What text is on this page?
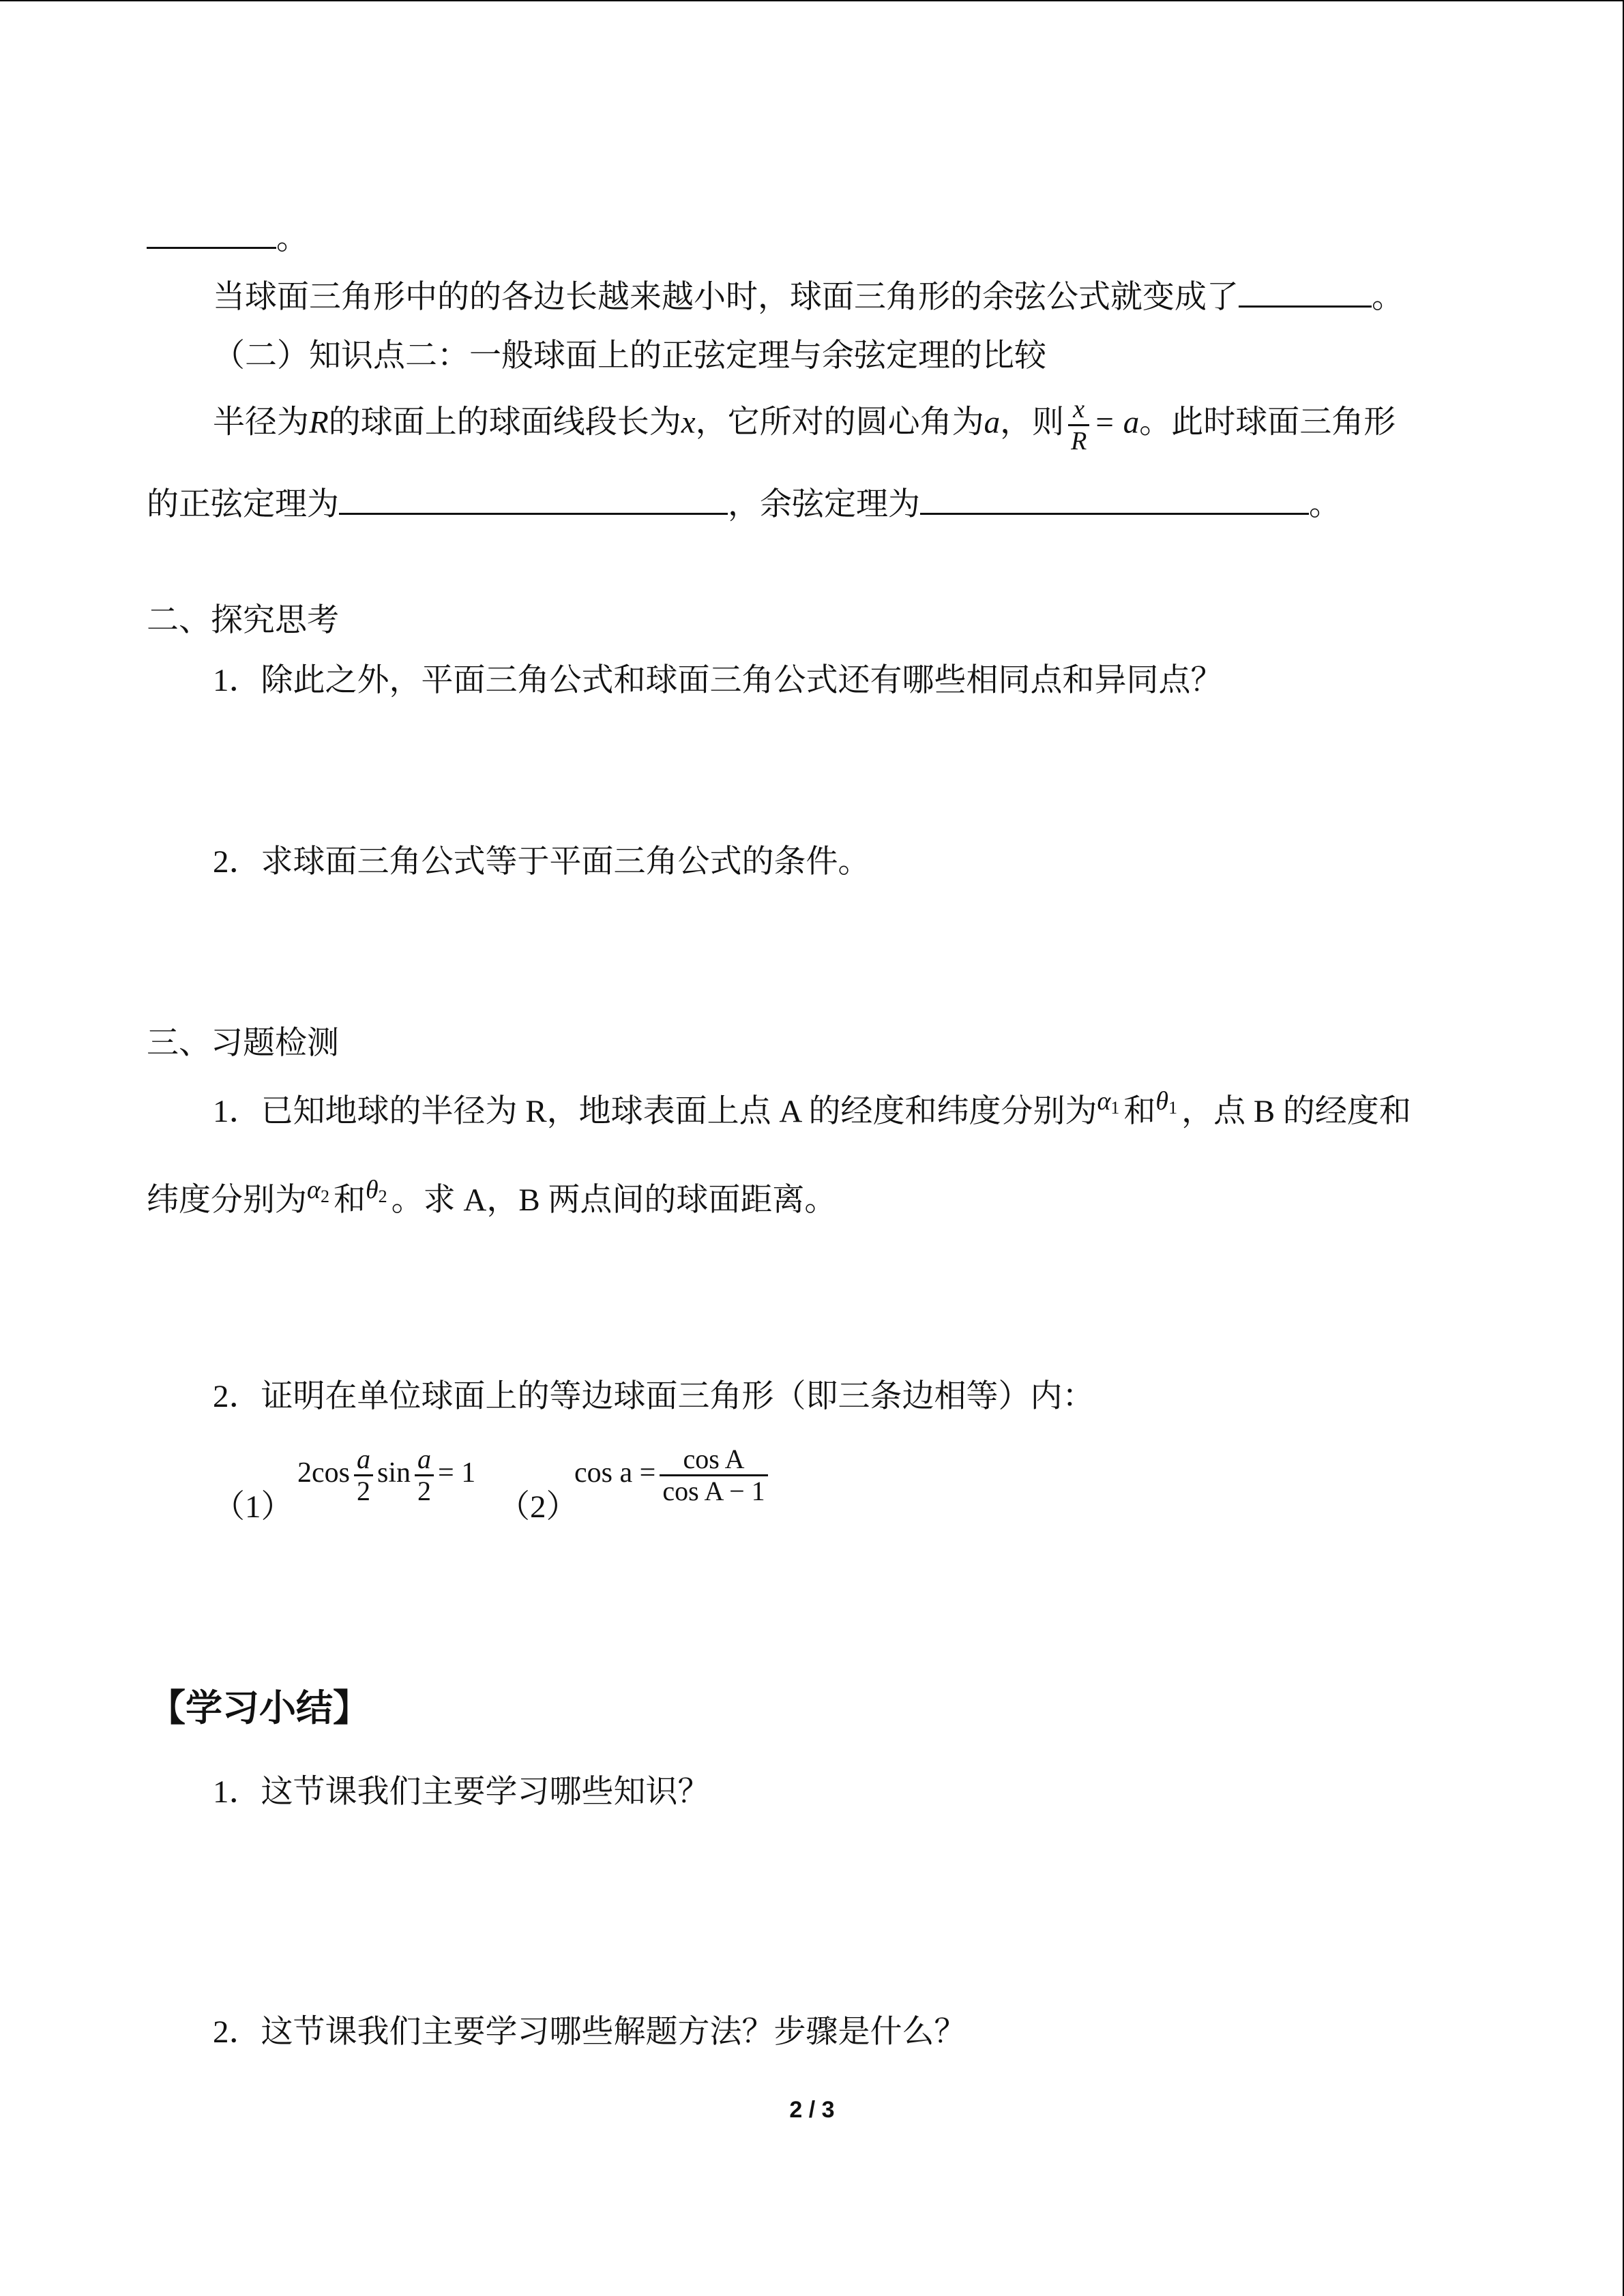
。
当球面三角形中的的各边长越来越小时，球面三角形的余弦公式就变成了	。
（二）知识点二：一般球面上的正弦定理与余弦定理的比较
半径为R的球面上的球面线段长为x，它所对的圆心角为a，则 $\frac{x}{R} = a$。此时球面三角形
的正弦定理为	，余弦定理为	。
二、探究思考
1．除此之外，平面三角公式和球面三角公式还有哪些相同点和异同点？
2．求球面三角公式等于平面三角公式的条件。
三、习题检测
1．已知地球的半径为 R，地球表面上点 A 的经度和纬度分别为$^{\alpha 1}$ 和$^{\theta 1}$ ，点 B 的经度和
纬度分别为$^{\alpha 2}$ 和$^{\theta 2}$ 。求 A，B 两点间的球面距离。
2．证明在单位球面上的等边球面三角形（即三条边相等）内：
（1）
$2\cos \frac{a}{2}$ $\sin \frac{a}{2} = 1$
（2）
$\cos a = \frac{\text{cos A}}{\text{cos A − 1}}$
【学习小结】
1．这节课我们主要学习哪些知识？
2．这节课我们主要学习哪些解题方法？步骤是什么？
2 / 3
